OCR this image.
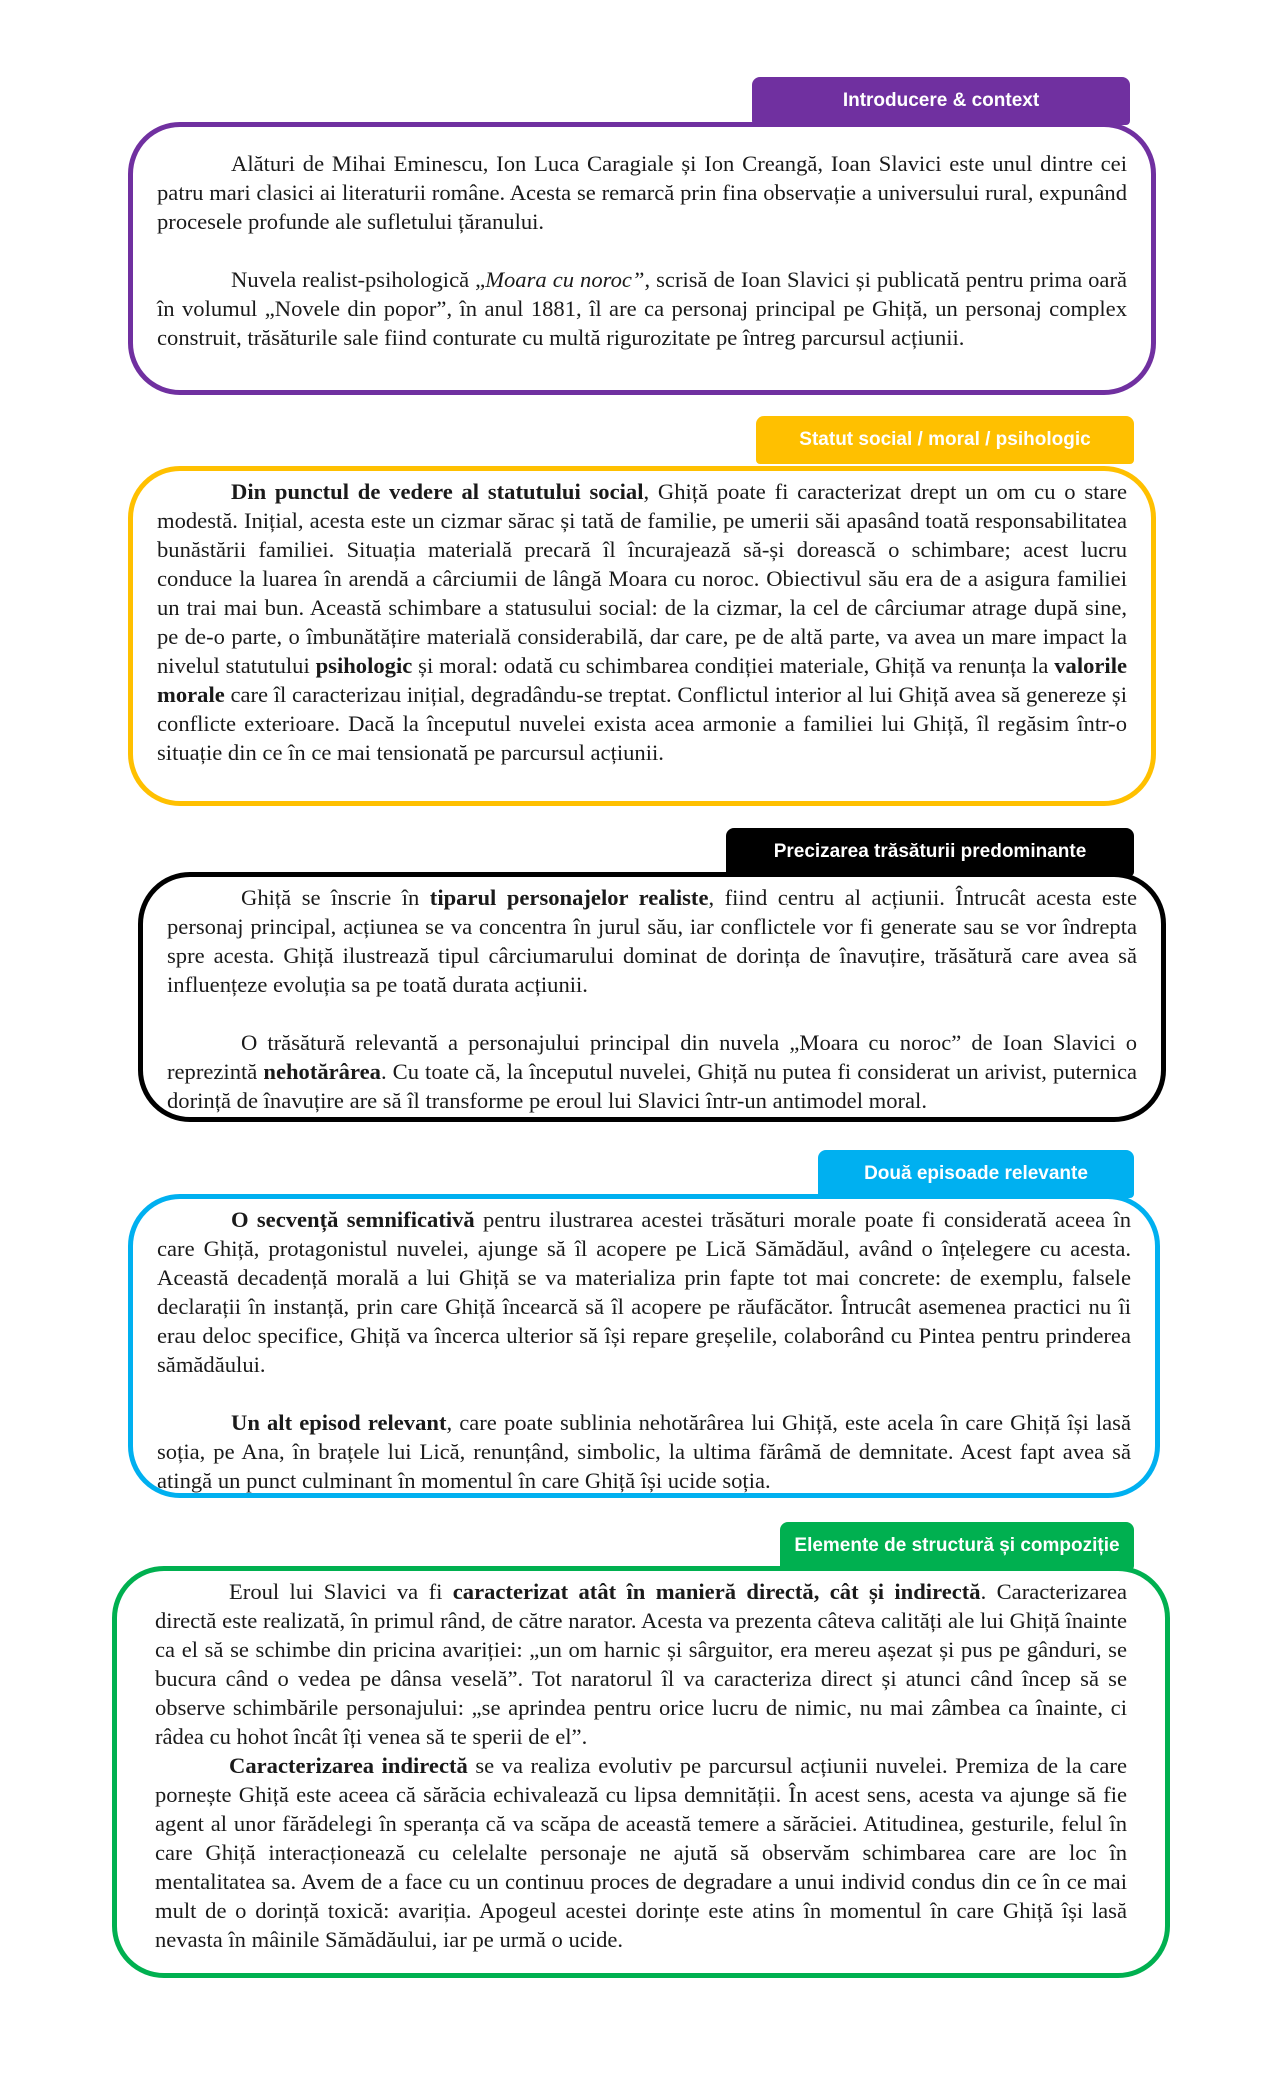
Introducere & context

Alături de Mihai Eminescu, Ion Luca Caragiale și Ion Creangă, Ioan Slavici este unul dintre cei patru mari clasici ai literaturii române. Acesta se remarcă prin fina observație a universului rural, expunând procesele profunde ale sufletului țăranului.

Nuvela realist-psihologică „Moara cu noroc”, scrisă de Ioan Slavici și publicată pentru prima oară în volumul „Novele din popor”, în anul 1881, îl are ca personaj principal pe Ghiță, un personaj complex construit, trăsăturile sale fiind conturate cu multă rigurozitate pe întreg parcursul acțiunii.

Statut social / moral / psihologic

Din punctul de vedere al statutului social, Ghiță poate fi caracterizat drept un om cu o stare modestă. Inițial, acesta este un cizmar sărac și tată de familie, pe umerii săi apasând toată responsabilitatea bunăstării familiei. Situația materială precară îl încurajează să-și dorească o schimbare; acest lucru conduce la luarea în arendă a cârciumii de lângă Moara cu noroc. Obiectivul său era de a asigura familiei un trai mai bun. Această schimbare a statusului social: de la cizmar, la cel de cârciumar atrage după sine, pe de-o parte, o îmbunătățire materială considerabilă, dar care, pe de altă parte, va avea un mare impact la nivelul statutului psihologic și moral: odată cu schimbarea condiției materiale, Ghiță va renunța la valorile morale care îl caracterizau inițial, degradându-se treptat. Conflictul interior al lui Ghiță avea să genereze și conflicte exterioare. Dacă la începutul nuvelei exista acea armonie a familiei lui Ghiță, îl regăsim într-o situație din ce în ce mai tensionată pe parcursul acțiunii.

Precizarea trăsăturii predominante

Ghiță se înscrie în tiparul personajelor realiste, fiind centru al acțiunii. Întrucât acesta este personaj principal, acțiunea se va concentra în jurul său, iar conflictele vor fi generate sau se vor îndrepta spre acesta. Ghiță ilustrează tipul cârciumarului dominat de dorința de înavuțire, trăsătură care avea să influențeze evoluția sa pe toată durata acțiunii.

O trăsătură relevantă a personajului principal din nuvela „Moara cu noroc” de Ioan Slavici o reprezintă nehotărârea. Cu toate că, la începutul nuvelei, Ghiță nu putea fi considerat un arivist, puternica dorință de înavuțire are să îl transforme pe eroul lui Slavici într-un antimodel moral.

Două episoade relevante

O secvență semnificativă pentru ilustrarea acestei trăsături morale poate fi considerată aceea în care Ghiță, protagonistul nuvelei, ajunge să îl acopere pe Lică Sămădăul, având o înțelegere cu acesta. Această decadență morală a lui Ghiță se va materializa prin fapte tot mai concrete: de exemplu, falsele declarații în instanță, prin care Ghiță încearcă să îl acopere pe răufăcător. Întrucât asemenea practici nu îi erau deloc specifice, Ghiță va încerca ulterior să își repare greșelile, colaborând cu Pintea pentru prinderea sămădăului.

Un alt episod relevant, care poate sublinia nehotărârea lui Ghiță, este acela în care Ghiță își lasă soția, pe Ana, în brațele lui Lică, renunțând, simbolic, la ultima fărâmă de demnitate. Acest fapt avea să atingă un punct culminant în momentul în care Ghiță își ucide soția.

Elemente de structură și compoziție

Eroul lui Slavici va fi caracterizat atât în manieră directă, cât și indirectă. Caracterizarea directă este realizată, în primul rând, de către narator. Acesta va prezenta câteva calități ale lui Ghiță înainte ca el să se schimbe din pricina avariției: „un om harnic și sârguitor, era mereu așezat și pus pe gânduri, se bucura când o vedea pe dânsa veselă”. Tot naratorul îl va caracteriza direct și atunci când încep să se observe schimbările personajului: „se aprindea pentru orice lucru de nimic, nu mai zâmbea ca înainte, ci râdea cu hohot încât îți venea să te sperii de el”.

Caracterizarea indirectă se va realiza evolutiv pe parcursul acțiunii nuvelei. Premiza de la care pornește Ghiță este aceea că sărăcia echivalează cu lipsa demnității. În acest sens, acesta va ajunge să fie agent al unor fărădelegi în speranța că va scăpa de această temere a sărăciei. Atitudinea, gesturile, felul în care Ghiță interacționează cu celelalte personaje ne ajută să observăm schimbarea care are loc în mentalitatea sa. Avem de a face cu un continuu proces de degradare a unui individ condus din ce în ce mai mult de o dorință toxică: avariția. Apogeul acestei dorințe este atins în momentul în care Ghiță își lasă nevasta în mâinile Sămădăului, iar pe urmă o ucide.
